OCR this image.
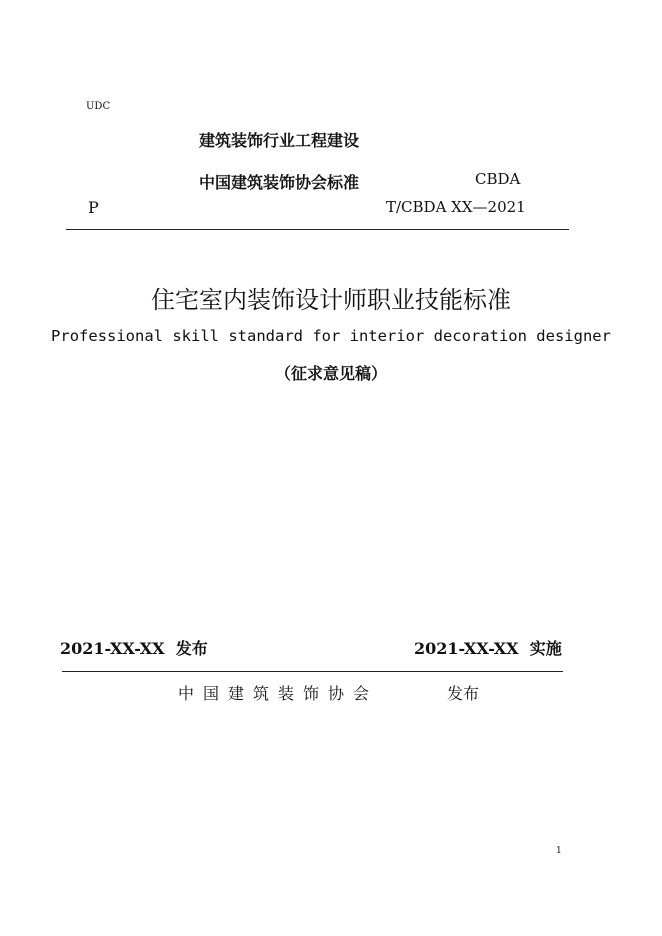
UDC
建筑装饰行业工程建设
中国建筑装饰协会标准	CBDA
P	T/CBDA XX—2021
住宅室内装饰设计师职业技能标准
Professional skill standard for interior decoration designer
（征求意见稿）
2021-XX-XX  发布	2021-XX-XX  实施
中国建筑装饰协会	发布
1
